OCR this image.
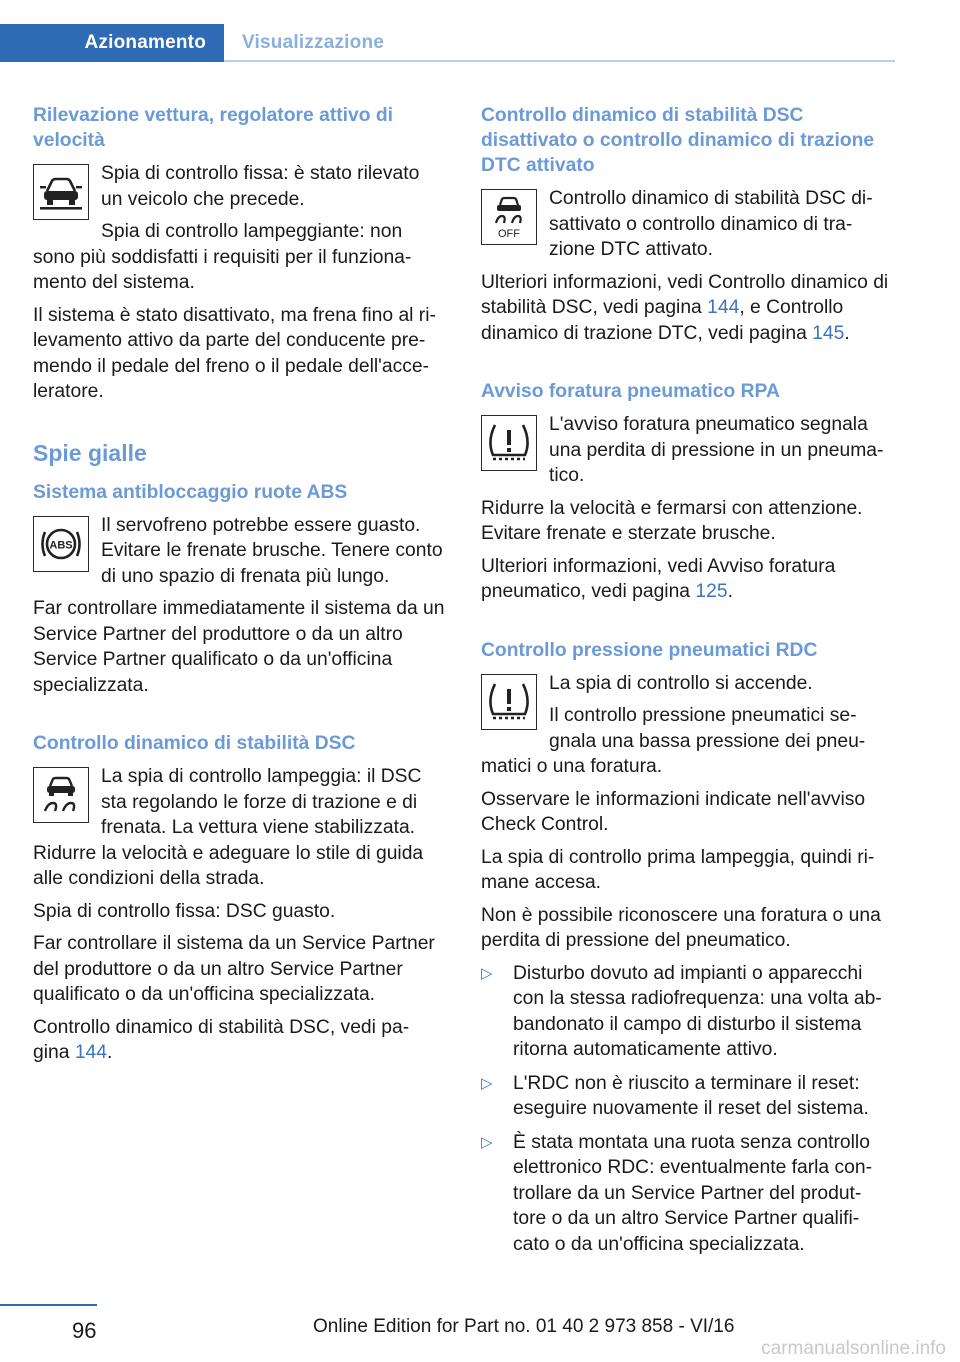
Azionamento	Visualizzazione
Rilevazione vettura, regolatore attivo di velocità

Spia di controllo fissa: è stato rilevato un veicolo che precede.

Spia di controllo lampeggiante: non sono più soddisfatti i requisiti per il funziona-mento del sistema.

Il sistema è stato disattivato, ma frena fino al ri-levamento attivo da parte del conducente pre-mendo il pedale del freno o il pedale dell'acce-leratore.

Spie gialle
Sistema antibloccaggio ruote ABS
ABS

Il servofreno potrebbe essere guasto. Evitare le frenate brusche. Tenere conto di uno spazio di frenata più lungo.

Far controllare immediatamente il sistema da un Service Partner del produttore o da un altro Service Partner qualificato o da un'officina specializzata.

Controllo dinamico di stabilità DSC

La spia di controllo lampeggia: il DSC sta regolando le forze di trazione e di frenata. La vettura viene stabilizzata. Ridurre la velocità e adeguare lo stile di guida alle condizioni della strada.

Spia di controllo fissa: DSC guasto.

Far controllare il sistema da un Service Partner del produttore o da un altro Service Partner qualificato o da un'officina specializzata.

Controllo dinamico di stabilità DSC, vedi pa-gina 144.

Controllo dinamico di stabilità DSC disattivato o controllo dinamico di trazione DTC attivato
OFF

Controllo dinamico di stabilità DSC di-sattivato o controllo dinamico di tra-zione DTC attivato.

Ulteriori informazioni, vedi Controllo dinamico di stabilità DSC, vedi pagina 144, e Controllo dinamico di trazione DTC, vedi pagina 145.

Avviso foratura pneumatico RPA

L'avviso foratura pneumatico segnala una perdita di pressione in un pneuma-tico.

Ridurre la velocità e fermarsi con attenzione. Evitare frenate e sterzate brusche.

Ulteriori informazioni, vedi Avviso foratura pneumatico, vedi pagina 125.

Controllo pressione pneumatici RDC

La spia di controllo si accende.

Il controllo pressione pneumatici se-gnala una bassa pressione dei pneu-matici o una foratura.

Osservare le informazioni indicate nell'avviso Check Control.

La spia di controllo prima lampeggia, quindi ri-mane accesa.

Non è possibile riconoscere una foratura o una perdita di pressione del pneumatico.

▷ Disturbo dovuto ad impianti o apparecchi con la stessa radiofrequenza: una volta ab-bandonato il campo di disturbo il sistema ritorna automaticamente attivo.
▷ L'RDC non è riuscito a terminare il reset: eseguire nuovamente il reset del sistema.
▷ È stata montata una ruota senza controllo elettronico RDC: eventualmente farla con-trollare da un Service Partner del produt-tore o da un altro Service Partner qualifi-cato o da un'officina specializzata.
96	Online Edition for Part no. 01 40 2 973 858 - VI/16
carmanualsonline.info
